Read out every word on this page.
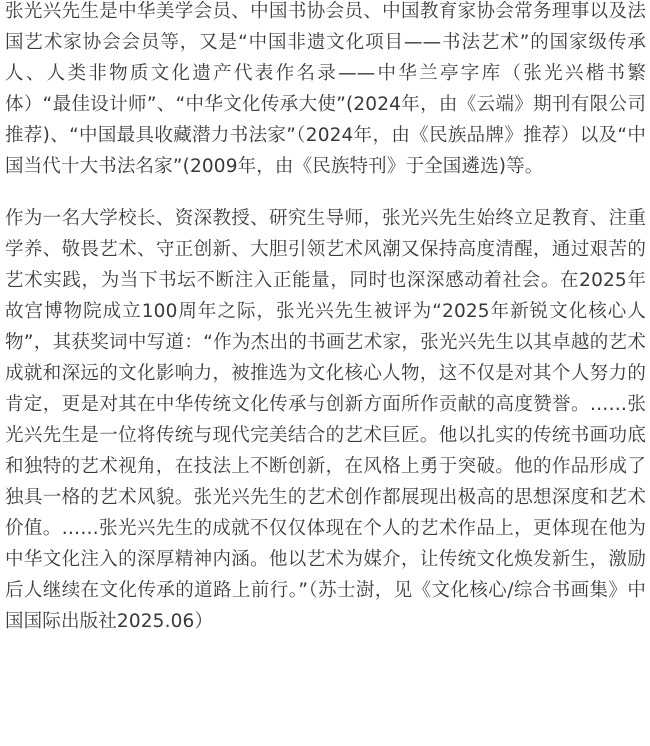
张光兴先生是中华美学会员、中国书协会员、中国教育家协会常务理事以及法国艺术家协会会员等，又是“中国非遗文化项目——书法艺术”的国家级传承人、人类非物质文化遗产代表作名录——中华兰亭字库（张光兴楷书繁体）“最佳设计师”、“中华文化传承大使”(2024年，由《云端》期刊有限公司推荐)、“中国最具收藏潜力书法家”（2024年，由《民族品牌》推荐）以及“中国当代十大书法名家”(2009年，由《民族特刊》于全国遴选)等。

作为一名大学校长、资深教授、研究生导师，张光兴先生始终立足教育、注重学养、敬畏艺术、守正创新、大胆引领艺术风潮又保持高度清醒，通过艰苦的艺术实践，为当下书坛不断注入正能量，同时也深深感动着社会。在2025年故宫博物院成立100周年之际，张光兴先生被评为“2025年新锐文化核心人物”，其获奖词中写道：“作为杰出的书画艺术家，张光兴先生以其卓越的艺术成就和深远的文化影响力，被推选为文化核心人物，这不仅是对其个人努力的肯定，更是对其在中华传统文化传承与创新方面所作贡献的高度赞誉。……张光兴先生是一位将传统与现代完美结合的艺术巨匠。他以扎实的传统书画功底和独特的艺术视角，在技法上不断创新，在风格上勇于突破。他的作品形成了独具一格的艺术风貌。张光兴先生的艺术创作都展现出极高的思想深度和艺术价值。……张光兴先生的成就不仅仅体现在个人的艺术作品上，更体现在他为中华文化注入的深厚精神内涵。他以艺术为媒介，让传统文化焕发新生，激励后人继续在文化传承的道路上前行。”（苏士澍，见《文化核心/综合书画集》中国国际出版社2025.06）
